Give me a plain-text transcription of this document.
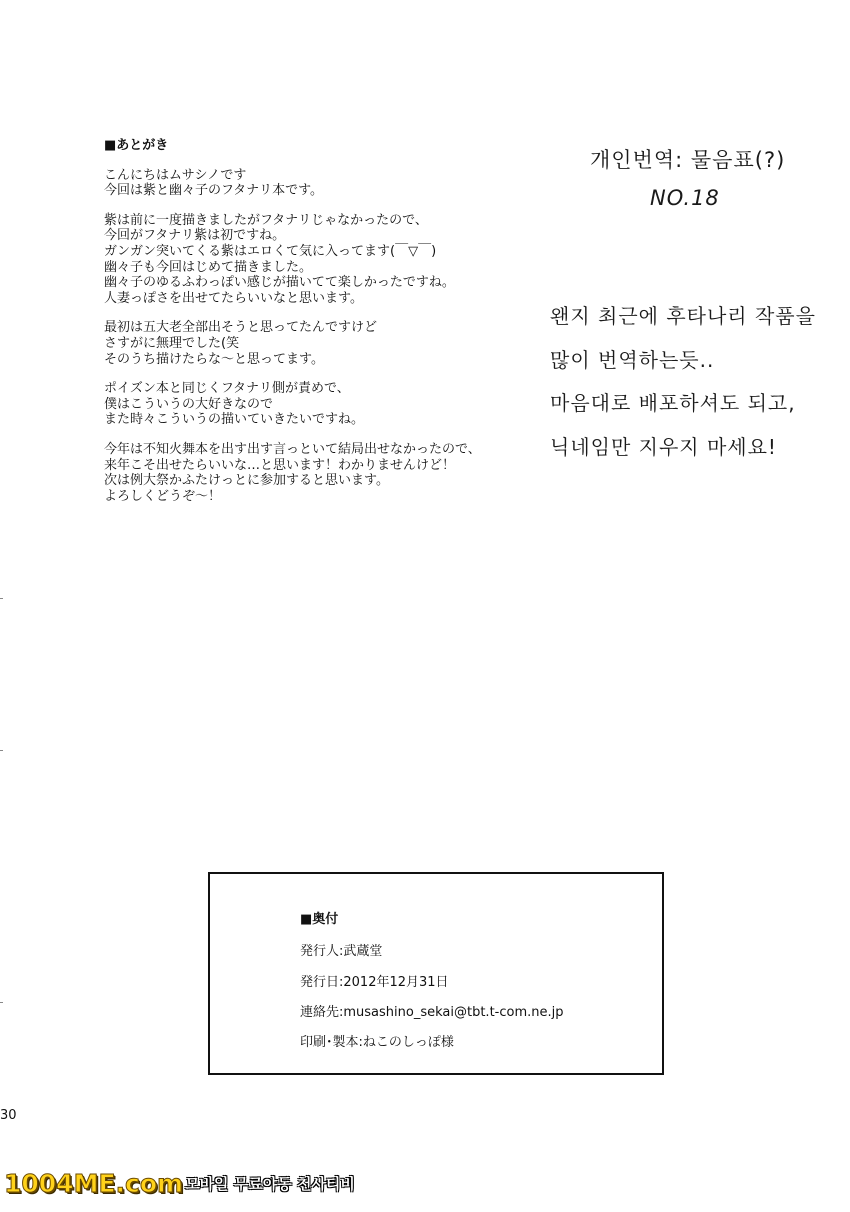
■あとがき
こんにちはムサシノです
今回は紫と幽々子のフタナリ本です。
紫は前に一度描きましたがフタナリじゃなかったので、
今回がフタナリ紫は初ですね。
ガンガン突いてくる紫はエロくて気に入ってます(￣▽￣)
幽々子も今回はじめて描きました。
幽々子のゆるふわっぽい感じが描いてて楽しかったですね。
人妻っぽさを出せてたらいいなと思います。
最初は五大老全部出そうと思ってたんですけど
さすがに無理でした(笑
そのうち描けたらな～と思ってます。
ポイズン本と同じくフタナリ側が責めで、
僕はこういうの大好きなので
また時々こういうの描いていきたいですね。
今年は不知火舞本を出す出す言っといて結局出せなかったので、
来年こそ出せたらいいな…と思います！わかりませんけど！
次は例大祭かふたけっとに参加すると思います。
よろしくどうぞ～！
개인번역: 물음표(?)
NO.18
왠지 최근에 후타나리 작품을
많이 번역하는듯..
마음대로 배포하셔도 되고,
닉네임만 지우지 마세요!
■奥付
発行人:武蔵堂
発行日:2012年12月31日
連絡先:musashino_sekai@tbt.t-com.ne.jp
印刷･製本:ねこのしっぽ様
30
1004ME.com 모바일 무료야동 천사티비
